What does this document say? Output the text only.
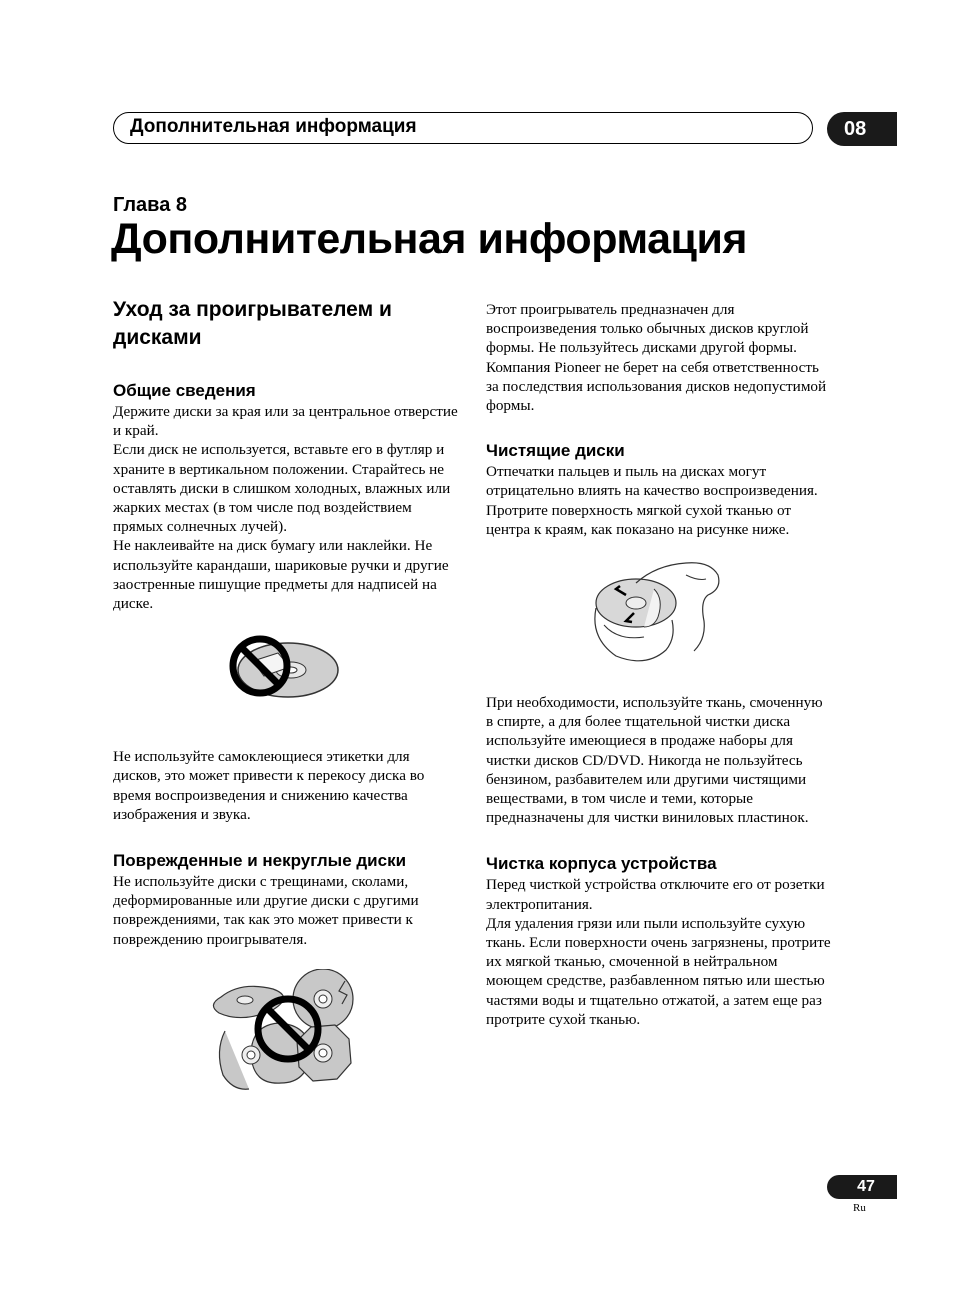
Дополнительная информация	08
Глава 8
Дополнительная информация
Уход за проигрывателем и
дисками
Общие сведения

Держите диски за края или за центральное отверстие и край.

Если диск не используется, вставьте его в футляр и храните в вертикальном положении. Старайтесь не оставлять диски в слишком холодных, влажных или жарких местах (в том числе под воздействием прямых солнечных лучей).

Не наклеивайте на диск бумагу или наклейки. Не используйте карандаши, шариковые ручки и другие заостренные пишущие предметы для надписей на диске.

Не используйте самоклеющиеся этикетки для дисков, это может привести к перекосу диска во время воспроизведения и снижению качества изображения и звука.

Поврежденные и некруглые диски

Не используйте диски с трещинами, сколами, деформированные или другие диски с другими повреждениями, так как это может привести к повреждению проигрывателя.

Этот проигрыватель предназначен для воспроизведения только обычных дисков круглой формы. Не пользуйтесь дисками другой формы. Компания Pioneer не берет на себя ответственность за последствия использования дисков недопустимой формы.

Чистящие диски

Отпечатки пальцев и пыль на дисках могут отрицательно влиять на качество воспроизведения. Протрите поверхность мягкой сухой тканью от центра к краям, как показано на рисунке ниже.

При необходимости, используйте ткань, смоченную в спирте, а для более тщательной чистки диска используйте имеющиеся в продаже наборы для чистки дисков CD/DVD. Никогда не пользуйтесь бензином, разбавителем или другими чистящими веществами, в том числе и теми, которые предназначены для чистки виниловых пластинок.

Чистка корпуса устройства

Перед чисткой устройства отключите его от розетки электропитания.

Для удаления грязи или пыли используйте сухую ткань. Если поверхности очень загрязнены, протрите их мягкой тканью, смоченной в нейтральном моющем средстве, разбавленном пятью или шестью частями воды и тщательно отжатой, а затем еще раз протрите сухой тканью.

47
Ru
